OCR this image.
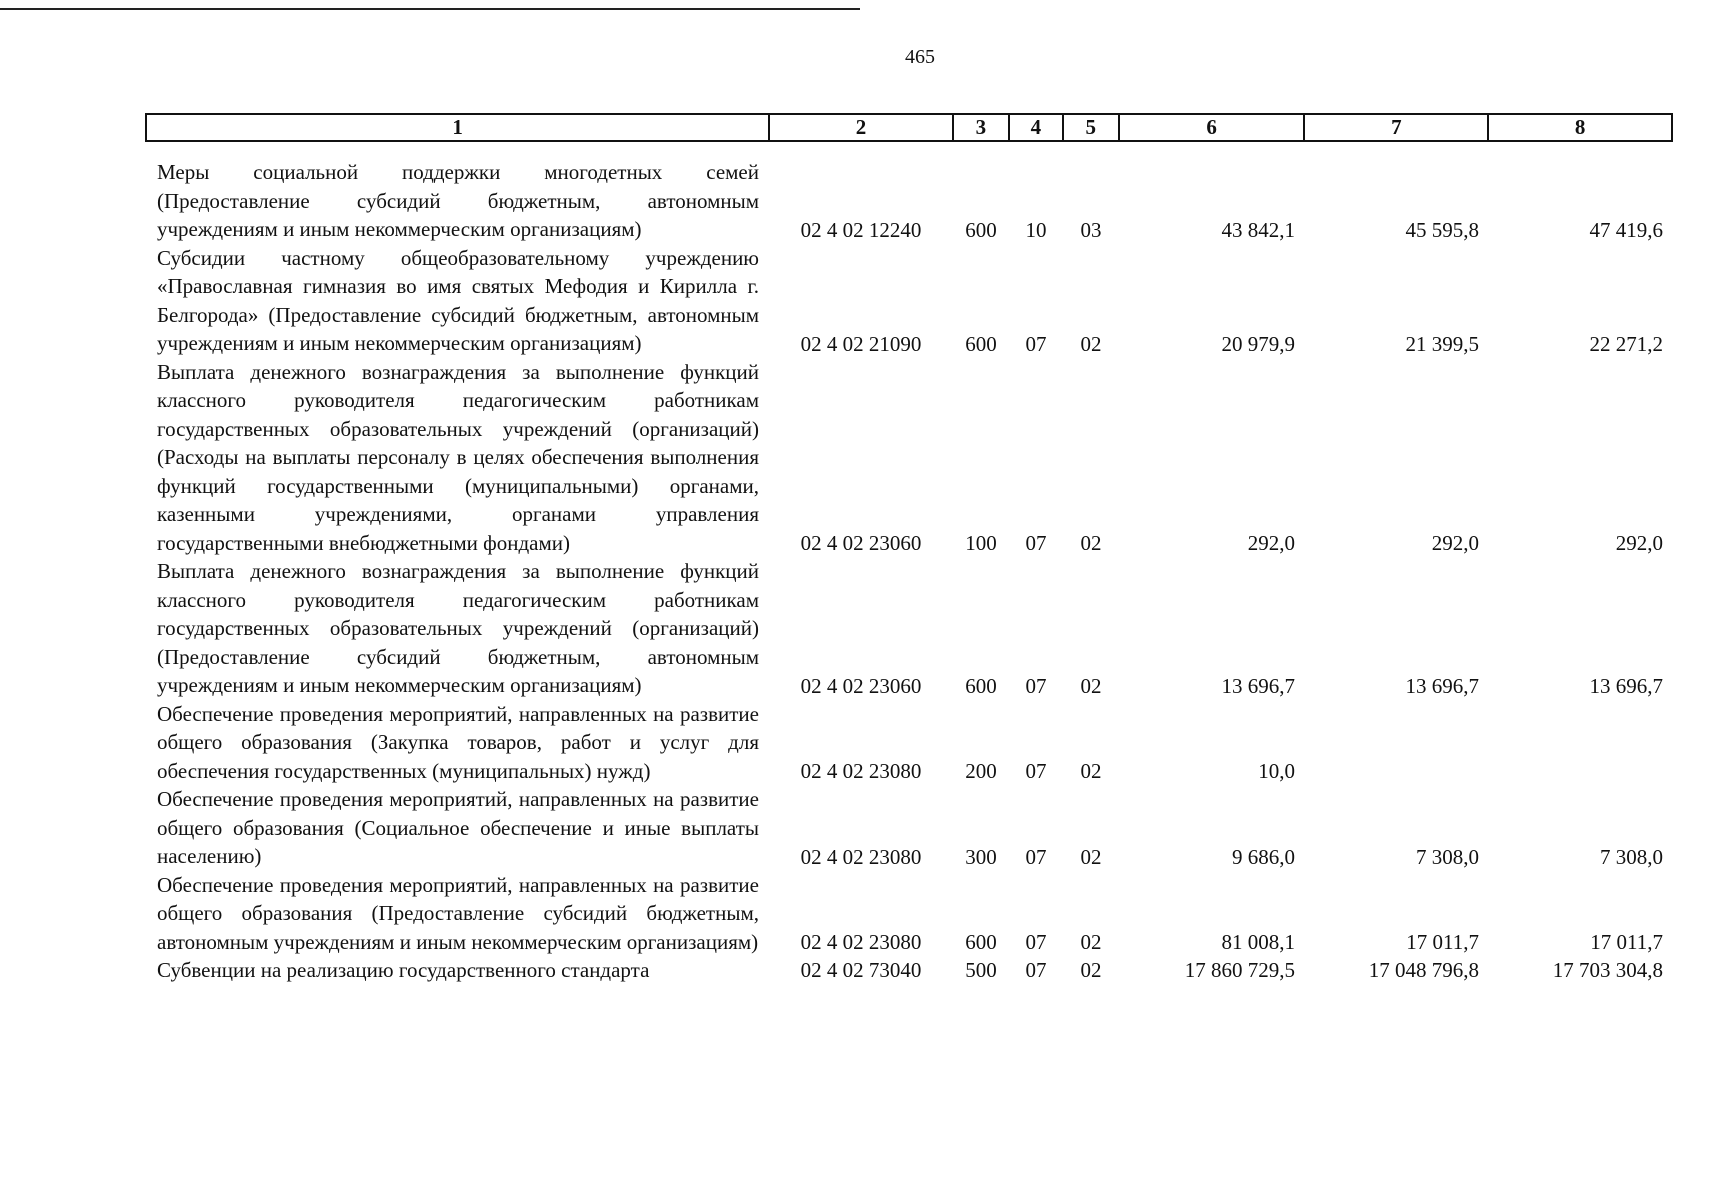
465
1	2	3	4	5	6	7	8
Меры социальной поддержки многодетных семей (Предоставление субсидий бюджетным, автономным учреждениям и иным некоммерческим организациям)	02 4 02 12240	600	10	03	43 842,1	45 595,8	47 419,6
Субсидии частному общеобразовательному учреждению «Православная гимназия во имя святых Мефодия и Кирилла г. Белгорода» (Предоставление субсидий бюджетным, автономным учреждениям и иным некоммерческим организациям)	02 4 02 21090	600	07	02	20 979,9	21 399,5	22 271,2
Выплата денежного вознаграждения за выполнение функций классного руководителя педагогическим работникам государственных образовательных учреждений (организаций) (Расходы на выплаты персоналу в целях обеспечения выполнения функций государственными (муниципальными) органами, казенными учреждениями, органами управления государственными внебюджетными фондами)	02 4 02 23060	100	07	02	292,0	292,0	292,0
Выплата денежного вознаграждения за выполнение функций классного руководителя педагогическим работникам государственных образовательных учреждений (организаций)(Предоставление субсидий бюджетным, автономным учреждениям и иным некоммерческим организациям)	02 4 02 23060	600	07	02	13 696,7	13 696,7	13 696,7
Обеспечение проведения мероприятий, направленных на развитие общего образования (Закупка товаров, работ и услуг для обеспечения государственных (муниципальных) нужд)	02 4 02 23080	200	07	02	10,0
Обеспечение проведения мероприятий, направленных на развитие общего образования (Социальное обеспечение и иные выплаты населению)	02 4 02 23080	300	07	02	9 686,0	7 308,0	7 308,0
Обеспечение проведения мероприятий, направленных на развитие общего образования (Предоставление субсидий бюджетным, автономным учреждениям и иным некоммерческим организациям)	02 4 02 23080	600	07	02	81 008,1	17 011,7	17 011,7
Субвенции на реализацию государственного стандарта	02 4 02 73040	500	07	02	17 860 729,5	17 048 796,8	17 703 304,8
